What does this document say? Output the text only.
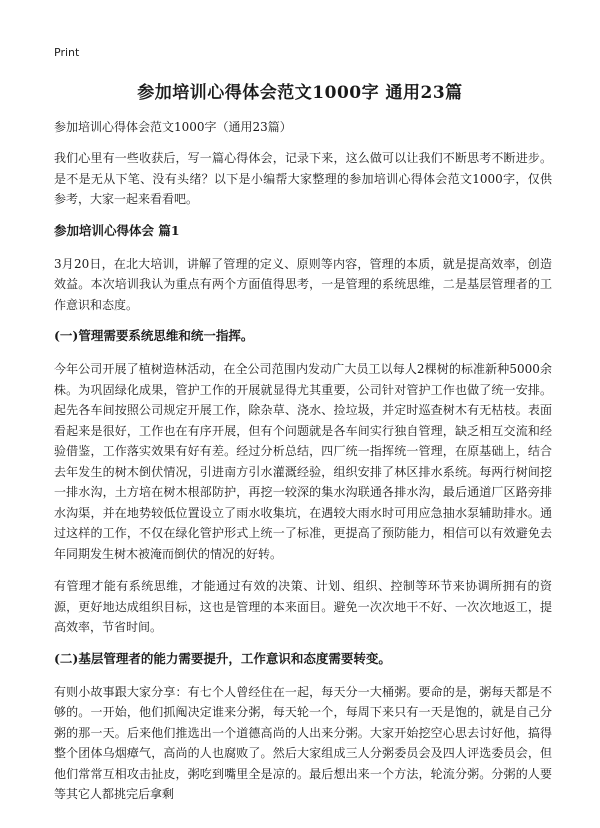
Print
参加培训心得体会范文1000字 通用23篇
参加培训心得体会范文1000字（通用23篇）

我们心里有一些收获后，写一篇心得体会，记录下来，这么做可以让我们不断思考不断进步。是不是无从下笔、没有头绪？以下是小编帮大家整理的参加培训心得体会范文1000字，仅供参考，大家一起来看看吧。

参加培训心得体会 篇1

3月20日，在北大培训，讲解了管理的定义、原则等内容，管理的本质，就是提高效率，创造效益。本次培训我认为重点有两个方面值得思考，一是管理的系统思维，二是基层管理者的工作意识和态度。

(一)管理需要系统思维和统一指挥。

今年公司开展了植树造林活动，在全公司范围内发动广大员工以每人2棵树的标准新种5000余株。为巩固绿化成果，管护工作的开展就显得尤其重要，公司针对管护工作也做了统一安排。起先各车间按照公司规定开展工作，除杂草、浇水、捡垃圾，并定时巡查树木有无枯枝。表面看起来是很好，工作也在有序开展，但有个问题就是各车间实行独自管理，缺乏相互交流和经验借鉴，工作落实效果有好有差。经过分析总结，四厂统一指挥统一管理，在原基础上，结合去年发生的树木倒伏情况，引进南方引水灌溉经验，组织安排了林区排水系统。每两行树间挖一排水沟，土方培在树木根部防护，再挖一较深的集水沟联通各排水沟，最后通道厂区路旁排水沟渠，并在地势较低位置设立了雨水收集坑，在遇较大雨水时可用应急抽水泵辅助排水。通过这样的工作，不仅在绿化管护形式上统一了标准，更提高了预防能力，相信可以有效避免去年同期发生树木被淹而倒伏的情况的好转。

有管理才能有系统思维，才能通过有效的决策、计划、组织、控制等环节来协调所拥有的资源，更好地达成组织目标，这也是管理的本来面目。避免一次次地干不好、一次次地返工，提高效率，节省时间。

(二)基层管理者的能力需要提升，工作意识和态度需要转变。

有则小故事跟大家分享：有七个人曾经住在一起，每天分一大桶粥。要命的是，粥每天都是不够的。一开始，他们抓阄决定谁来分粥，每天轮一个，每周下来只有一天是饱的，就是自己分粥的那一天。后来他们推选出一个道德高尚的人出来分粥。大家开始挖空心思去讨好他，搞得整个团体乌烟瘴气，高尚的人也腐败了。然后大家组成三人分粥委员会及四人评选委员会，但他们常常互相攻击扯皮，粥吃到嘴里全是凉的。最后想出来一个方法，轮流分粥。分粥的人要等其它人都挑完后拿剩
